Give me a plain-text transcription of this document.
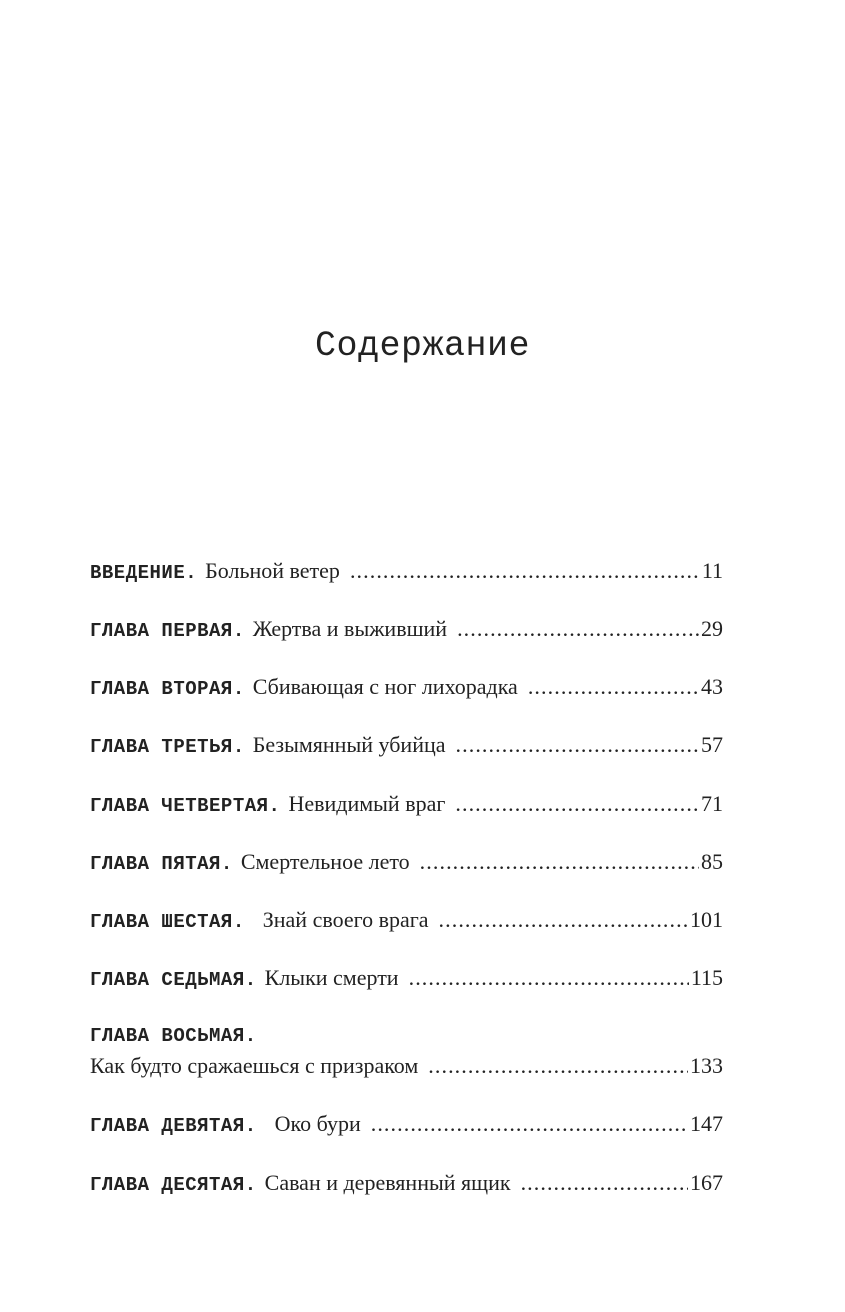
Содержание
ВВЕДЕНИЕ. Больной ветер .....	11
ГЛАВА ПЕРВАЯ. Жертва и выживший .....	29
ГЛАВА ВТОРАЯ. Сбивающая с ног лихорадка .....	43
ГЛАВА ТРЕТЬЯ. Безымянный убийца .....	57
ГЛАВА ЧЕТВЕРТАЯ. Невидимый враг .....	71
ГЛАВА ПЯТАЯ. Смертельное лето .....	85
ГЛАВА ШЕСТАЯ. Знай своего врага .....	101
ГЛАВА СЕДЬМАЯ. Клыки смерти .....	115
ГЛАВА ВОСЬМАЯ.
Как будто сражаешься с призраком .....	133
ГЛАВА ДЕВЯТАЯ. Око бури .....	147
ГЛАВА ДЕСЯТАЯ. Саван и деревянный ящик .....	167
